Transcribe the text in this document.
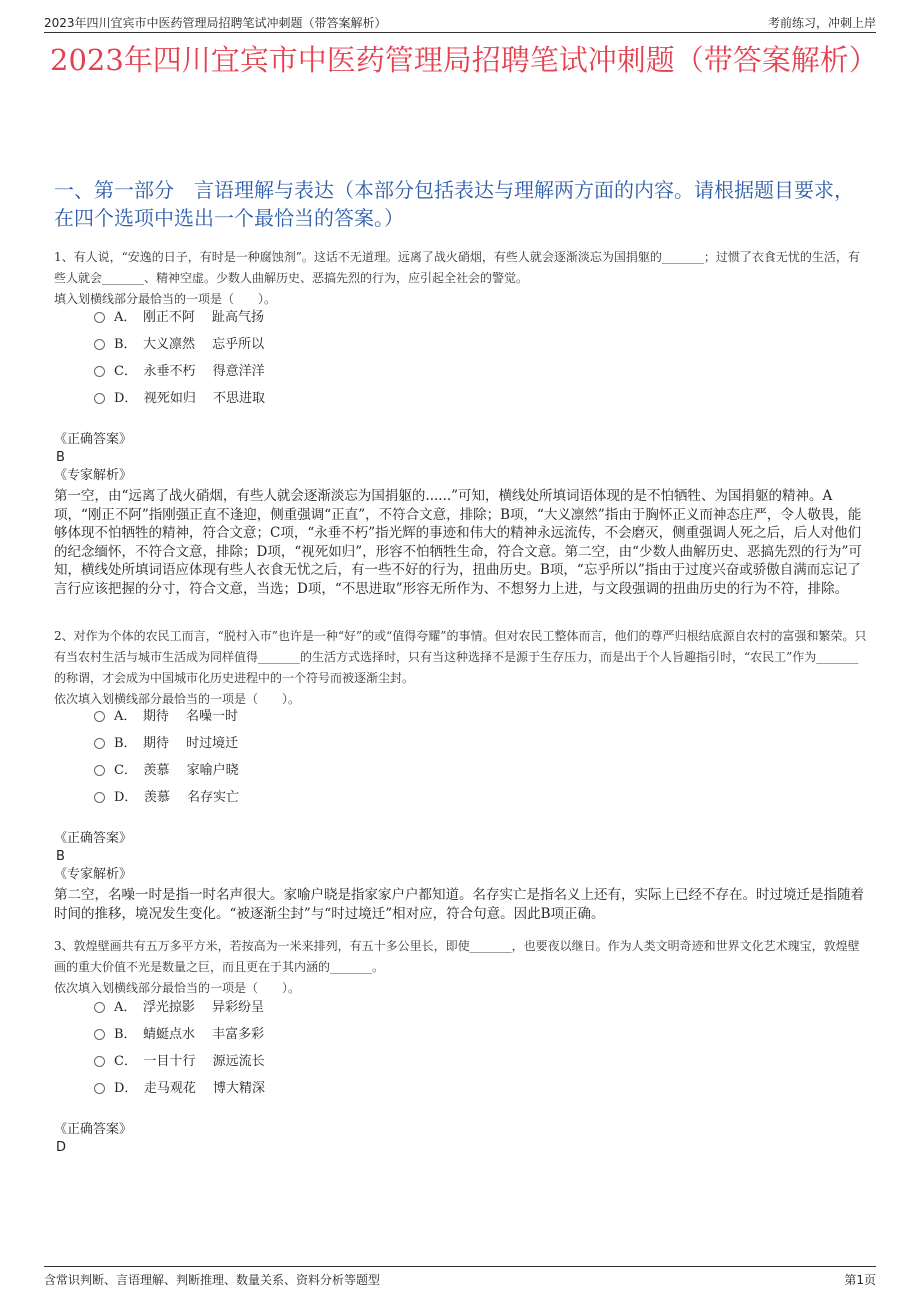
2023年四川宜宾市中医药管理局招聘笔试冲刺题（带答案解析）	考前练习，冲刺上岸
2023年四川宜宾市中医药管理局招聘笔试冲刺题（带答案解析）
一、第一部分　言语理解与表达（本部分包括表达与理解两方面的内容。请根据题目要求，在四个选项中选出一个最恰当的答案。）

1、有人说，“安逸的日子，有时是一种腐蚀剂”。这话不无道理。远离了战火硝烟，有些人就会逐渐淡忘为国捐躯的_______；过惯了衣食无忧的生活，有些人就会_______、精神空虚。少数人曲解历史、恶搞先烈的行为，应引起全社会的警觉。

填入划横线部分最恰当的一项是（　　）。

A．　刚正不阿　 趾高气扬
B．　大义凛然　 忘乎所以
C．　永垂不朽　 得意洋洋
D．　视死如归　 不思进取
《正确答案》
B
《专家解析》
第一空，由“远离了战火硝烟，有些人就会逐渐淡忘为国捐躯的......”可知，横线处所填词语体现的是不怕牺牲、为国捐躯的精神。A项，“刚正不阿”指刚强正直不逢迎，侧重强调“正直”，不符合文意，排除；B项，“大义凛然”指由于胸怀正义而神态庄严，令人敬畏，能够体现不怕牺牲的精神，符合文意；C项，“永垂不朽”指光辉的事迹和伟大的精神永远流传，不会磨灭，侧重强调人死之后，后人对他们的纪念缅怀，不符合文意，排除；D项，“视死如归”，形容不怕牺牲生命，符合文意。第二空，由“少数人曲解历史、恶搞先烈的行为”可知，横线处所填词语应体现有些人衣食无忧之后，有一些不好的行为，扭曲历史。B项，“忘乎所以”指由于过度兴奋或骄傲自满而忘记了言行应该把握的分寸，符合文意，当选；D项，“不思进取”形容无所作为、不想努力上进，与文段强调的扭曲历史的行为不符，排除。

2、对作为个体的农民工而言，“脱村入市”也许是一种“好”的或“值得夸耀”的事情。但对农民工整体而言，他们的尊严归根结底源自农村的富强和繁荣。只有当农村生活与城市生活成为同样值得_______的生活方式选择时，只有当这种选择不是源于生存压力，而是出于个人旨趣指引时，“农民工”作为_______的称谓，才会成为中国城市化历史进程中的一个符号而被逐渐尘封。

依次填入划横线部分最恰当的一项是（　　）。

A．　期待　 名噪一时
B．　期待　 时过境迁
C．　羡慕　 家喻户晓
D．　羡慕　 名存实亡
《正确答案》
B
《专家解析》
第二空，名噪一时是指一时名声很大。家喻户晓是指家家户户都知道。名存实亡是指名义上还有，实际上已经不存在。时过境迁是指随着时间的推移，境况发生变化。“被逐渐尘封”与“时过境迁”相对应，符合句意。因此B项正确。

3、敦煌壁画共有五万多平方米，若按高为一米来排列，有五十多公里长，即使_______，也要夜以继日。作为人类文明奇迹和世界文化艺术瑰宝，敦煌壁画的重大价值不光是数量之巨，而且更在于其内涵的_______。

依次填入划横线部分最恰当的一项是（　　）。

A．　浮光掠影　 异彩纷呈
B．　蜻蜓点水　 丰富多彩
C．　一目十行　 源远流长
D．　走马观花　 博大精深
《正确答案》
D
含常识判断、言语理解、判断推理、数量关系、资料分析等题型	第1页
